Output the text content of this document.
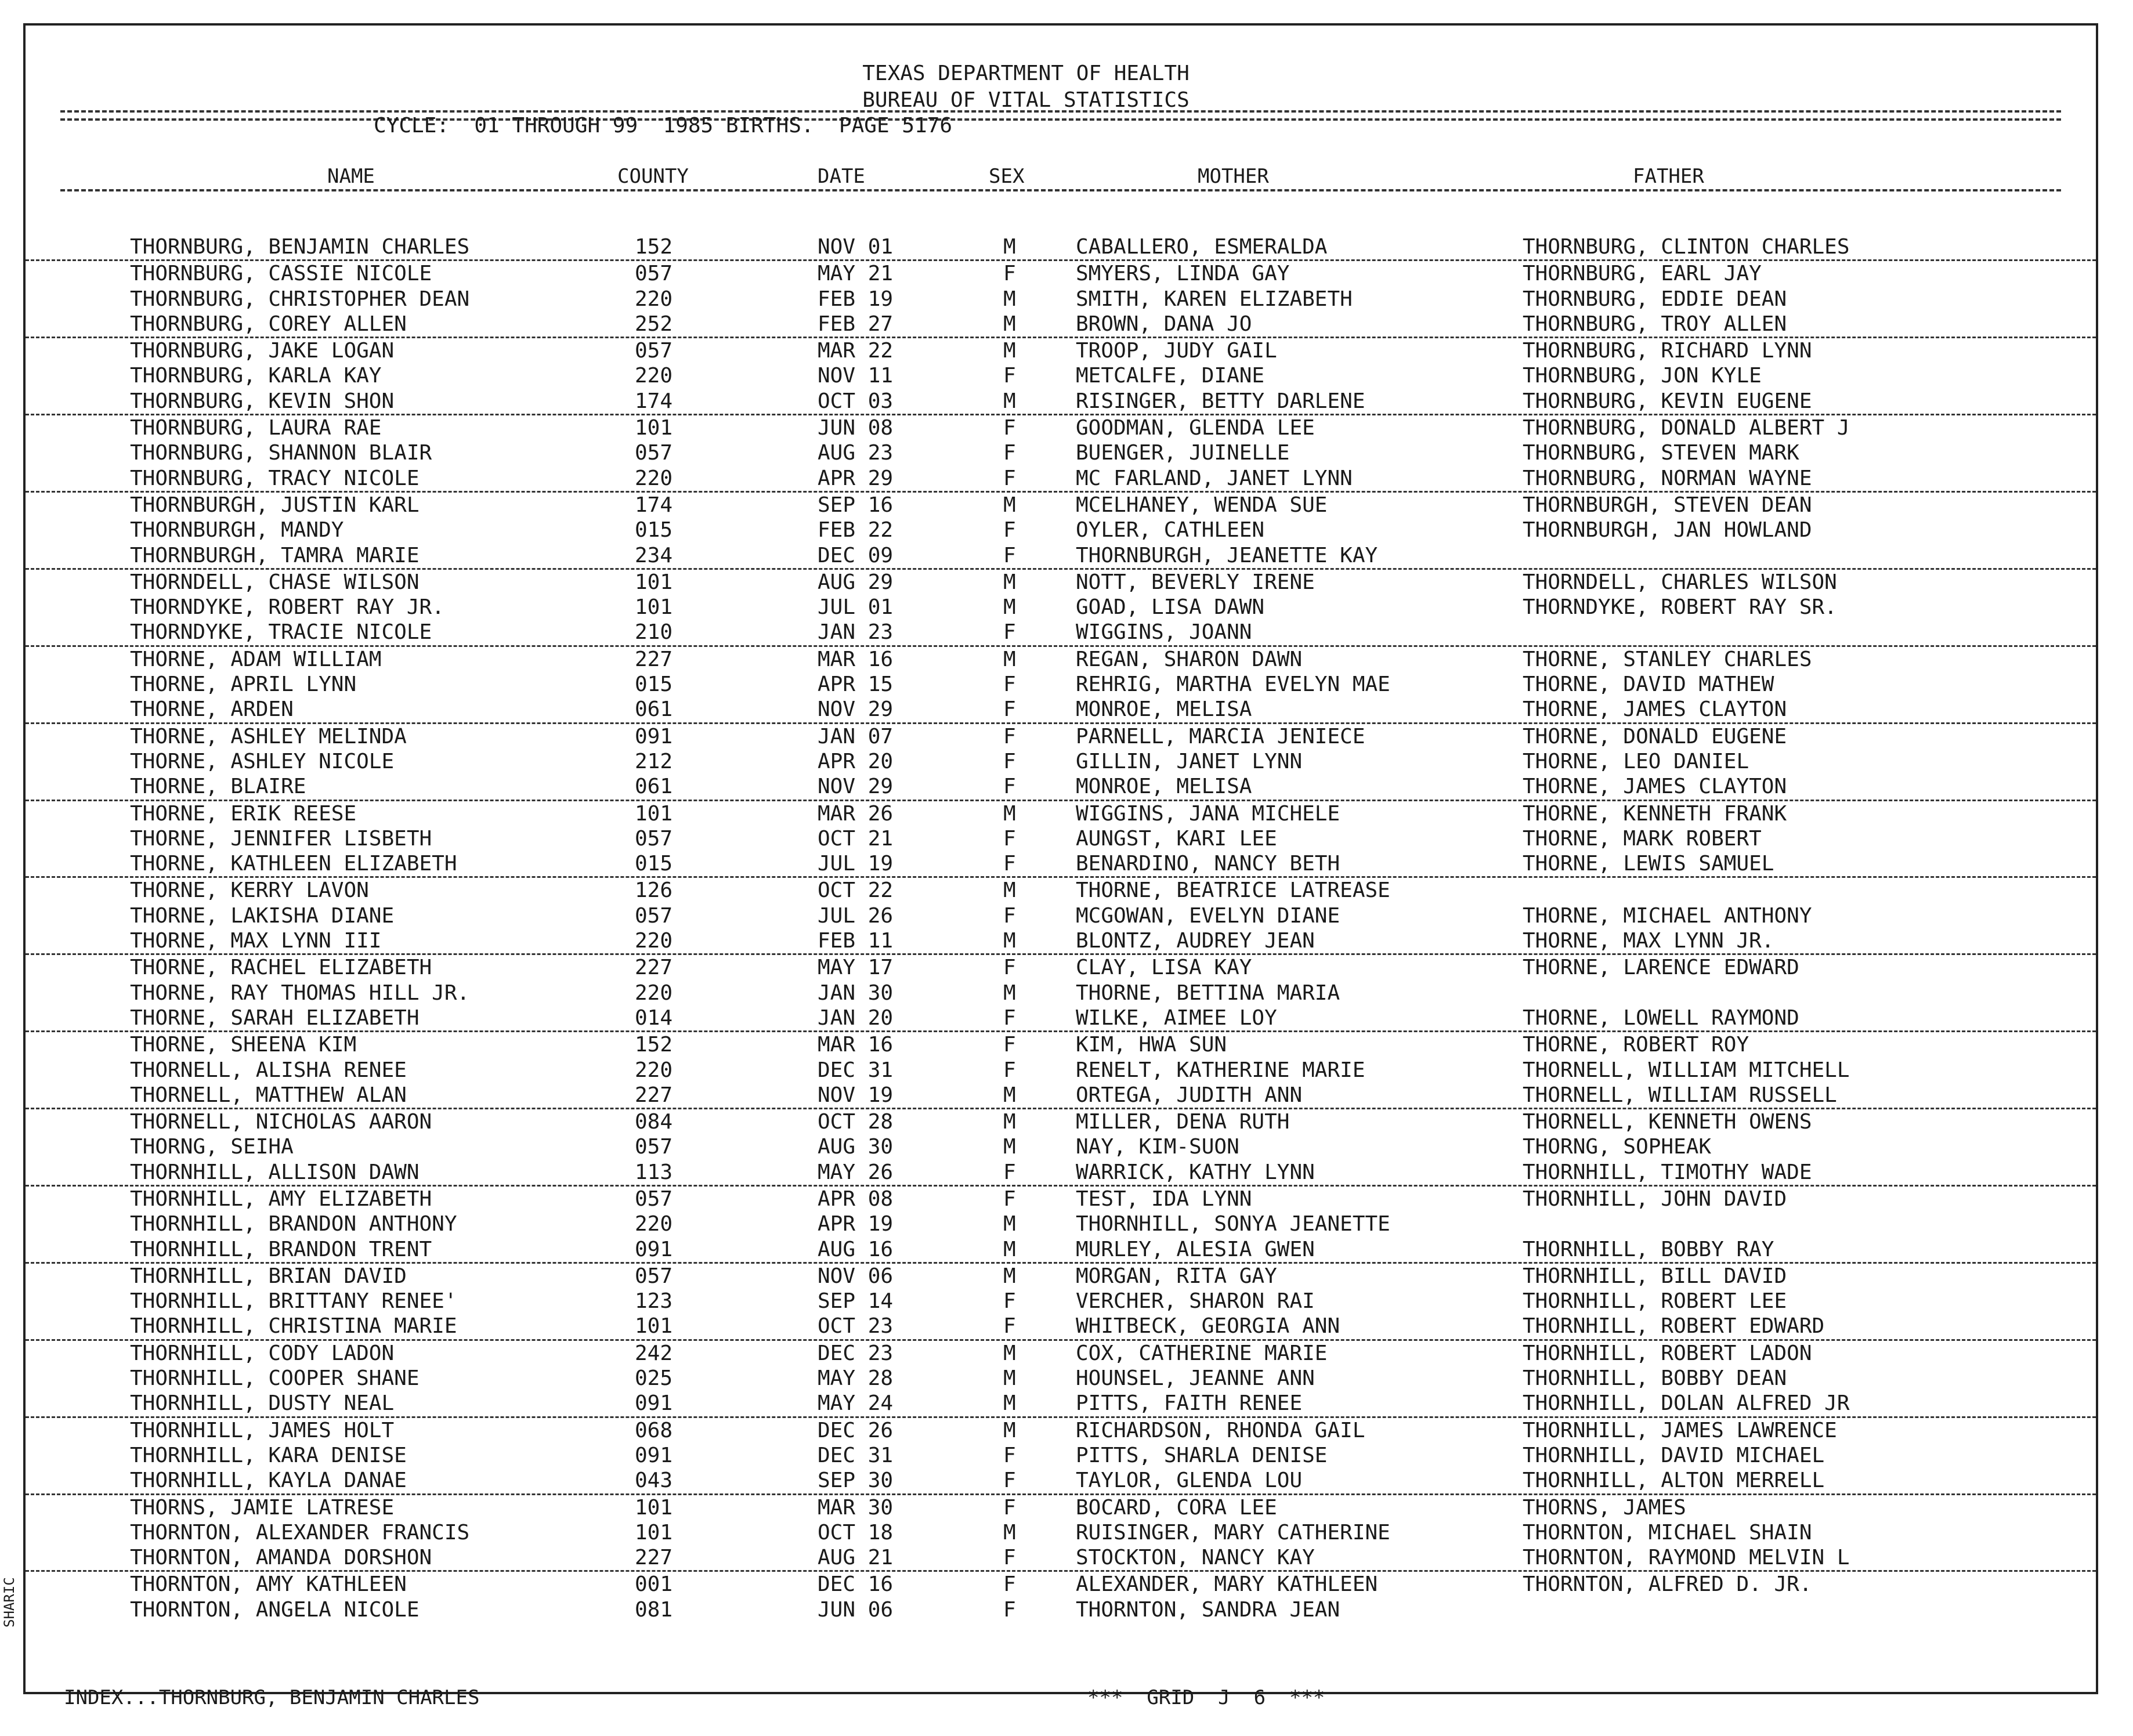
TEXAS DEPARTMENT OF HEALTH
BUREAU OF VITAL STATISTICS
CYCLE:  01 THROUGH 99  1985 BIRTHS.  PAGE 5176
NAME	COUNTY	DATE	SEX	MOTHER	FATHER
THORNBURG, BENJAMIN CHARLES	152	NOV 01	M	CABALLERO, ESMERALDA	THORNBURG, CLINTON CHARLES
THORNBURG, CASSIE NICOLE	057	MAY 21	F	SMYERS, LINDA GAY	THORNBURG, EARL JAY
THORNBURG, CHRISTOPHER DEAN	220	FEB 19	M	SMITH, KAREN ELIZABETH	THORNBURG, EDDIE DEAN
THORNBURG, COREY ALLEN	252	FEB 27	M	BROWN, DANA JO	THORNBURG, TROY ALLEN
THORNBURG, JAKE LOGAN	057	MAR 22	M	TROOP, JUDY GAIL	THORNBURG, RICHARD LYNN
THORNBURG, KARLA KAY	220	NOV 11	F	METCALFE, DIANE	THORNBURG, JON KYLE
THORNBURG, KEVIN SHON	174	OCT 03	M	RISINGER, BETTY DARLENE	THORNBURG, KEVIN EUGENE
THORNBURG, LAURA RAE	101	JUN 08	F	GOODMAN, GLENDA LEE	THORNBURG, DONALD ALBERT J
THORNBURG, SHANNON BLAIR	057	AUG 23	F	BUENGER, JUINELLE	THORNBURG, STEVEN MARK
THORNBURG, TRACY NICOLE	220	APR 29	F	MC FARLAND, JANET LYNN	THORNBURG, NORMAN WAYNE
THORNBURGH, JUSTIN KARL	174	SEP 16	M	MCELHANEY, WENDA SUE	THORNBURGH, STEVEN DEAN
THORNBURGH, MANDY	015	FEB 22	F	OYLER, CATHLEEN	THORNBURGH, JAN HOWLAND
THORNBURGH, TAMRA MARIE	234	DEC 09	F	THORNBURGH, JEANETTE KAY
THORNDELL, CHASE WILSON	101	AUG 29	M	NOTT, BEVERLY IRENE	THORNDELL, CHARLES WILSON
THORNDYKE, ROBERT RAY JR.	101	JUL 01	M	GOAD, LISA DAWN	THORNDYKE, ROBERT RAY SR.
THORNDYKE, TRACIE NICOLE	210	JAN 23	F	WIGGINS, JOANN
THORNE, ADAM WILLIAM	227	MAR 16	M	REGAN, SHARON DAWN	THORNE, STANLEY CHARLES
THORNE, APRIL LYNN	015	APR 15	F	REHRIG, MARTHA EVELYN MAE	THORNE, DAVID MATHEW
THORNE, ARDEN	061	NOV 29	F	MONROE, MELISA	THORNE, JAMES CLAYTON
THORNE, ASHLEY MELINDA	091	JAN 07	F	PARNELL, MARCIA JENIECE	THORNE, DONALD EUGENE
THORNE, ASHLEY NICOLE	212	APR 20	F	GILLIN, JANET LYNN	THORNE, LEO DANIEL
THORNE, BLAIRE	061	NOV 29	F	MONROE, MELISA	THORNE, JAMES CLAYTON
THORNE, ERIK REESE	101	MAR 26	M	WIGGINS, JANA MICHELE	THORNE, KENNETH FRANK
THORNE, JENNIFER LISBETH	057	OCT 21	F	AUNGST, KARI LEE	THORNE, MARK ROBERT
THORNE, KATHLEEN ELIZABETH	015	JUL 19	F	BENARDINO, NANCY BETH	THORNE, LEWIS SAMUEL
THORNE, KERRY LAVON	126	OCT 22	M	THORNE, BEATRICE LATREASE
THORNE, LAKISHA DIANE	057	JUL 26	F	MCGOWAN, EVELYN DIANE	THORNE, MICHAEL ANTHONY
THORNE, MAX LYNN III	220	FEB 11	M	BLONTZ, AUDREY JEAN	THORNE, MAX LYNN JR.
THORNE, RACHEL ELIZABETH	227	MAY 17	F	CLAY, LISA KAY	THORNE, LARENCE EDWARD
THORNE, RAY THOMAS HILL JR.	220	JAN 30	M	THORNE, BETTINA MARIA
THORNE, SARAH ELIZABETH	014	JAN 20	F	WILKE, AIMEE LOY	THORNE, LOWELL RAYMOND
THORNE, SHEENA KIM	152	MAR 16	F	KIM, HWA SUN	THORNE, ROBERT ROY
THORNELL, ALISHA RENEE	220	DEC 31	F	RENELT, KATHERINE MARIE	THORNELL, WILLIAM MITCHELL
THORNELL, MATTHEW ALAN	227	NOV 19	M	ORTEGA, JUDITH ANN	THORNELL, WILLIAM RUSSELL
THORNELL, NICHOLAS AARON	084	OCT 28	M	MILLER, DENA RUTH	THORNELL, KENNETH OWENS
THORNG, SEIHA	057	AUG 30	M	NAY, KIM-SUON	THORNG, SOPHEAK
THORNHILL, ALLISON DAWN	113	MAY 26	F	WARRICK, KATHY LYNN	THORNHILL, TIMOTHY WADE
THORNHILL, AMY ELIZABETH	057	APR 08	F	TEST, IDA LYNN	THORNHILL, JOHN DAVID
THORNHILL, BRANDON ANTHONY	220	APR 19	M	THORNHILL, SONYA JEANETTE
THORNHILL, BRANDON TRENT	091	AUG 16	M	MURLEY, ALESIA GWEN	THORNHILL, BOBBY RAY
THORNHILL, BRIAN DAVID	057	NOV 06	M	MORGAN, RITA GAY	THORNHILL, BILL DAVID
THORNHILL, BRITTANY RENEE'	123	SEP 14	F	VERCHER, SHARON RAI	THORNHILL, ROBERT LEE
THORNHILL, CHRISTINA MARIE	101	OCT 23	F	WHITBECK, GEORGIA ANN	THORNHILL, ROBERT EDWARD
THORNHILL, CODY LADON	242	DEC 23	M	COX, CATHERINE MARIE	THORNHILL, ROBERT LADON
THORNHILL, COOPER SHANE	025	MAY 28	M	HOUNSEL, JEANNE ANN	THORNHILL, BOBBY DEAN
THORNHILL, DUSTY NEAL	091	MAY 24	M	PITTS, FAITH RENEE	THORNHILL, DOLAN ALFRED JR
THORNHILL, JAMES HOLT	068	DEC 26	M	RICHARDSON, RHONDA GAIL	THORNHILL, JAMES LAWRENCE
THORNHILL, KARA DENISE	091	DEC 31	F	PITTS, SHARLA DENISE	THORNHILL, DAVID MICHAEL
THORNHILL, KAYLA DANAE	043	SEP 30	F	TAYLOR, GLENDA LOU	THORNHILL, ALTON MERRELL
THORNS, JAMIE LATRESE	101	MAR 30	F	BOCARD, CORA LEE	THORNS, JAMES
THORNTON, ALEXANDER FRANCIS	101	OCT 18	M	RUISINGER, MARY CATHERINE	THORNTON, MICHAEL SHAIN
THORNTON, AMANDA DORSHON	227	AUG 21	F	STOCKTON, NANCY KAY	THORNTON, RAYMOND MELVIN L
THORNTON, AMY KATHLEEN	001	DEC 16	F	ALEXANDER, MARY KATHLEEN	THORNTON, ALFRED D. JR.
THORNTON, ANGELA NICOLE	081	JUN 06	F	THORNTON, SANDRA JEAN
INDEX...THORNBURG, BENJAMIN CHARLES	***  GRID  J  6  ***
SHARIC
